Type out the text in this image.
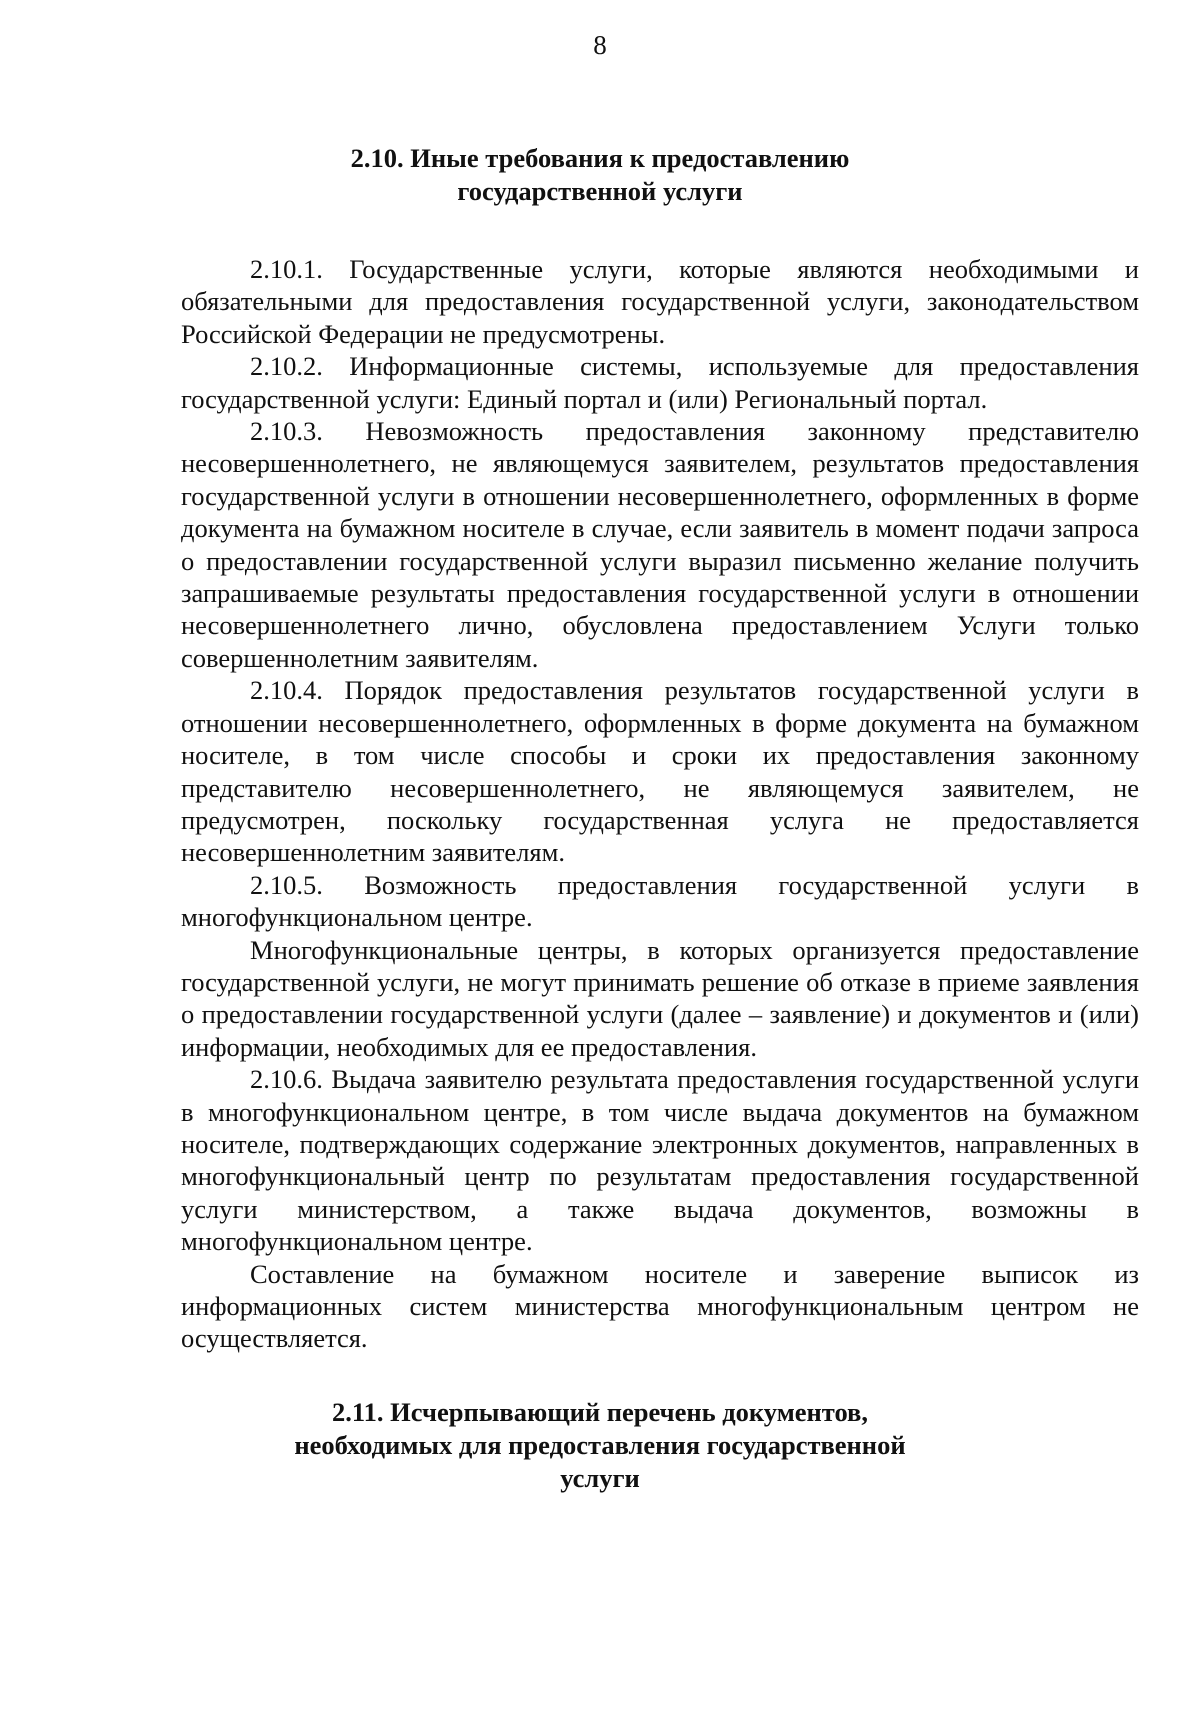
8
2.10. Иные требования к предоставлению
государственной услуги

2.10.1. Государственные услуги, которые являются необходимыми и обязательными для предоставления государственной услуги, законодательством Российской Федерации не предусмотрены.

2.10.2. Информационные системы, используемые для предоставления государственной услуги: Единый портал и (или) Региональный портал.

2.10.3. Невозможность предоставления законному представителю несовершеннолетнего, не являющемуся заявителем, результатов предоставления государственной услуги в отношении несовершеннолетнего, оформленных в форме документа на бумажном носителе в случае, если заявитель в момент подачи запроса о предоставлении государственной услуги выразил письменно желание получить запрашиваемые результаты предоставления государственной услуги в отношении несовершеннолетнего лично, обусловлена предоставлением Услуги только совершеннолетним заявителям.

2.10.4. Порядок предоставления результатов государственной услуги в отношении несовершеннолетнего, оформленных в форме документа на бумажном носителе, в том числе способы и сроки их предоставления законному представителю несовершеннолетнего, не являющемуся заявителем, не предусмотрен, поскольку государственная услуга не предоставляется несовершеннолетним заявителям.

2.10.5. Возможность предоставления государственной услуги в многофункциональном центре.

Многофункциональные центры, в которых организуется предоставление государственной услуги, не могут принимать решение об отказе в приеме заявления о предоставлении государственной услуги (далее – заявление) и документов и (или) информации, необходимых для ее предоставления.

2.10.6. Выдача заявителю результата предоставления государственной услуги в многофункциональном центре, в том числе выдача документов на бумажном носителе, подтверждающих содержание электронных документов, направленных в многофункциональный центр по результатам предоставления государственной услуги министерством, а также выдача документов, возможны в многофункциональном центре.

Составление на бумажном носителе и заверение выписок из информационных систем министерства многофункциональным центром не осуществляется.

2.11. Исчерпывающий перечень документов,
необходимых для предоставления государственной
услуги
